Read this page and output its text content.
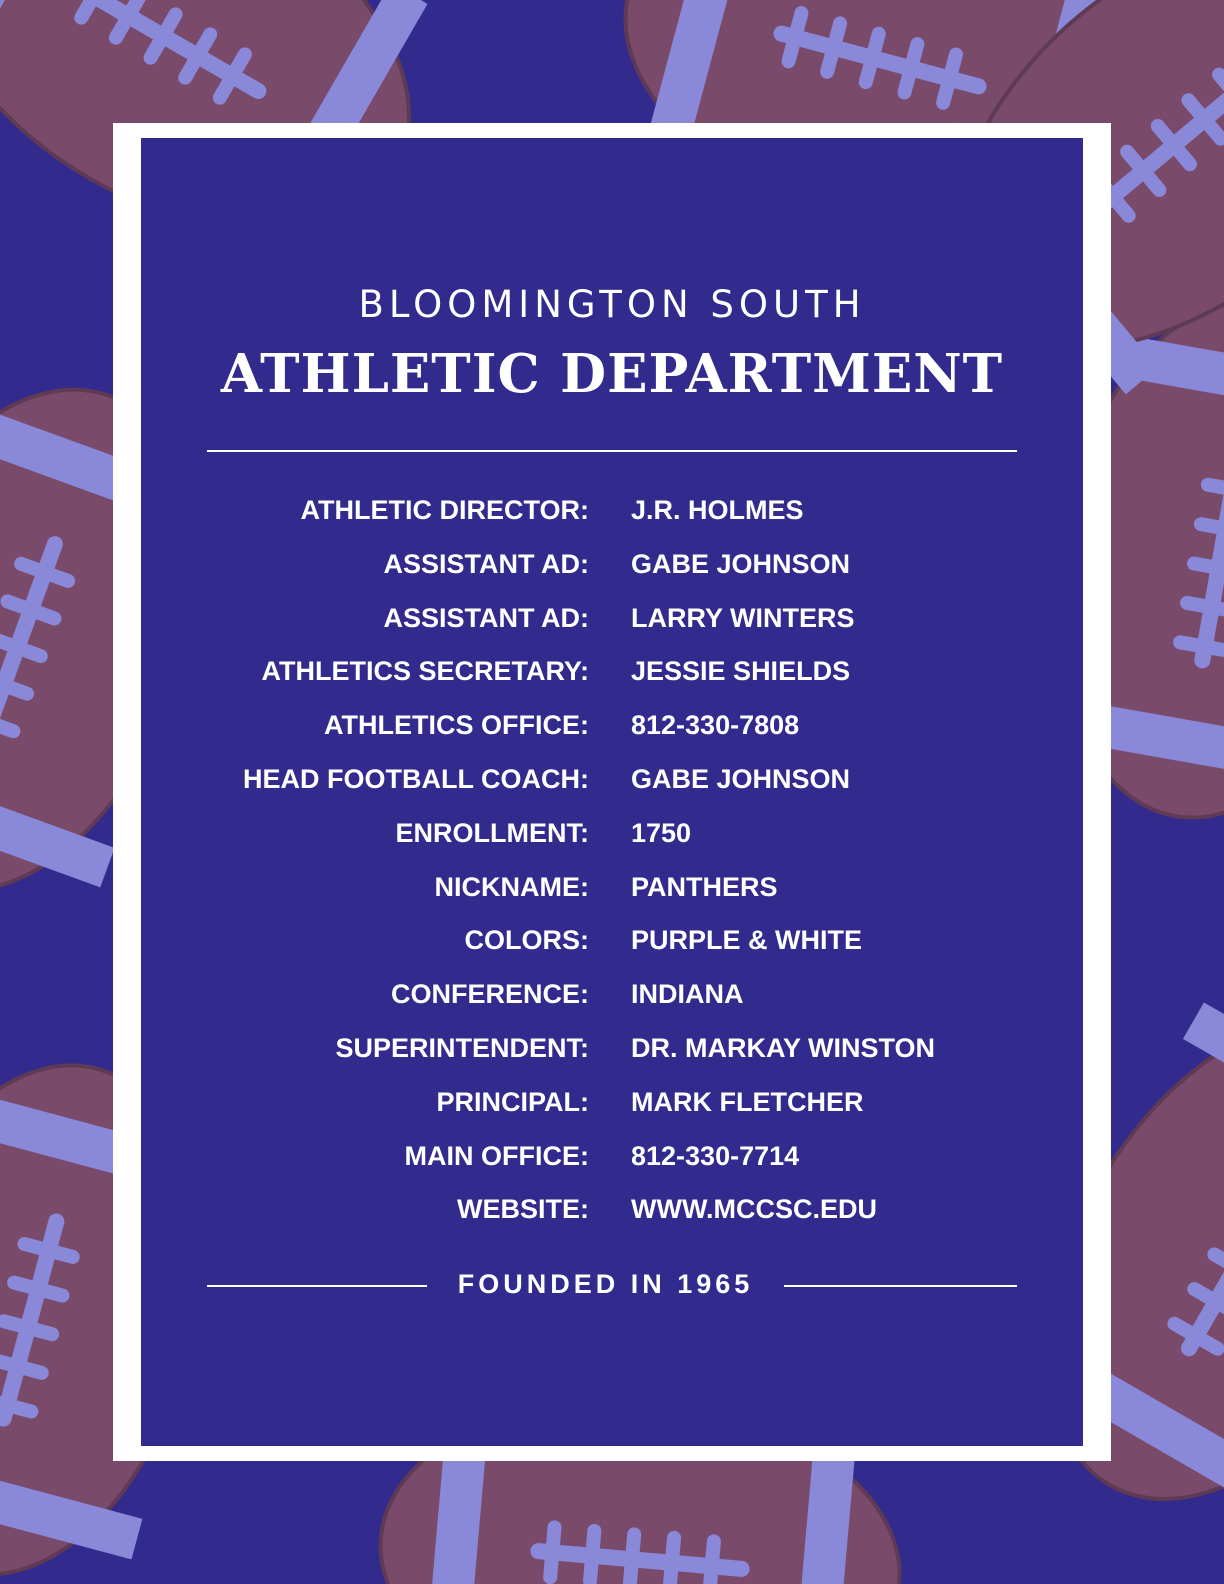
BLOOMINGTON SOUTH
ATHLETIC DEPARTMENT
ATHLETIC DIRECTOR: J.R. HOLMES
ASSISTANT AD: GABE JOHNSON
ASSISTANT AD: LARRY WINTERS
ATHLETICS SECRETARY: JESSIE SHIELDS
ATHLETICS OFFICE: 812-330-7808
HEAD FOOTBALL COACH: GABE JOHNSON
ENROLLMENT: 1750
NICKNAME: PANTHERS
COLORS: PURPLE & WHITE
CONFERENCE: INDIANA
SUPERINTENDENT: DR. MARKAY WINSTON
PRINCIPAL: MARK FLETCHER
MAIN OFFICE: 812-330-7714
WEBSITE: WWW.MCCSC.EDU
FOUNDED IN 1965
